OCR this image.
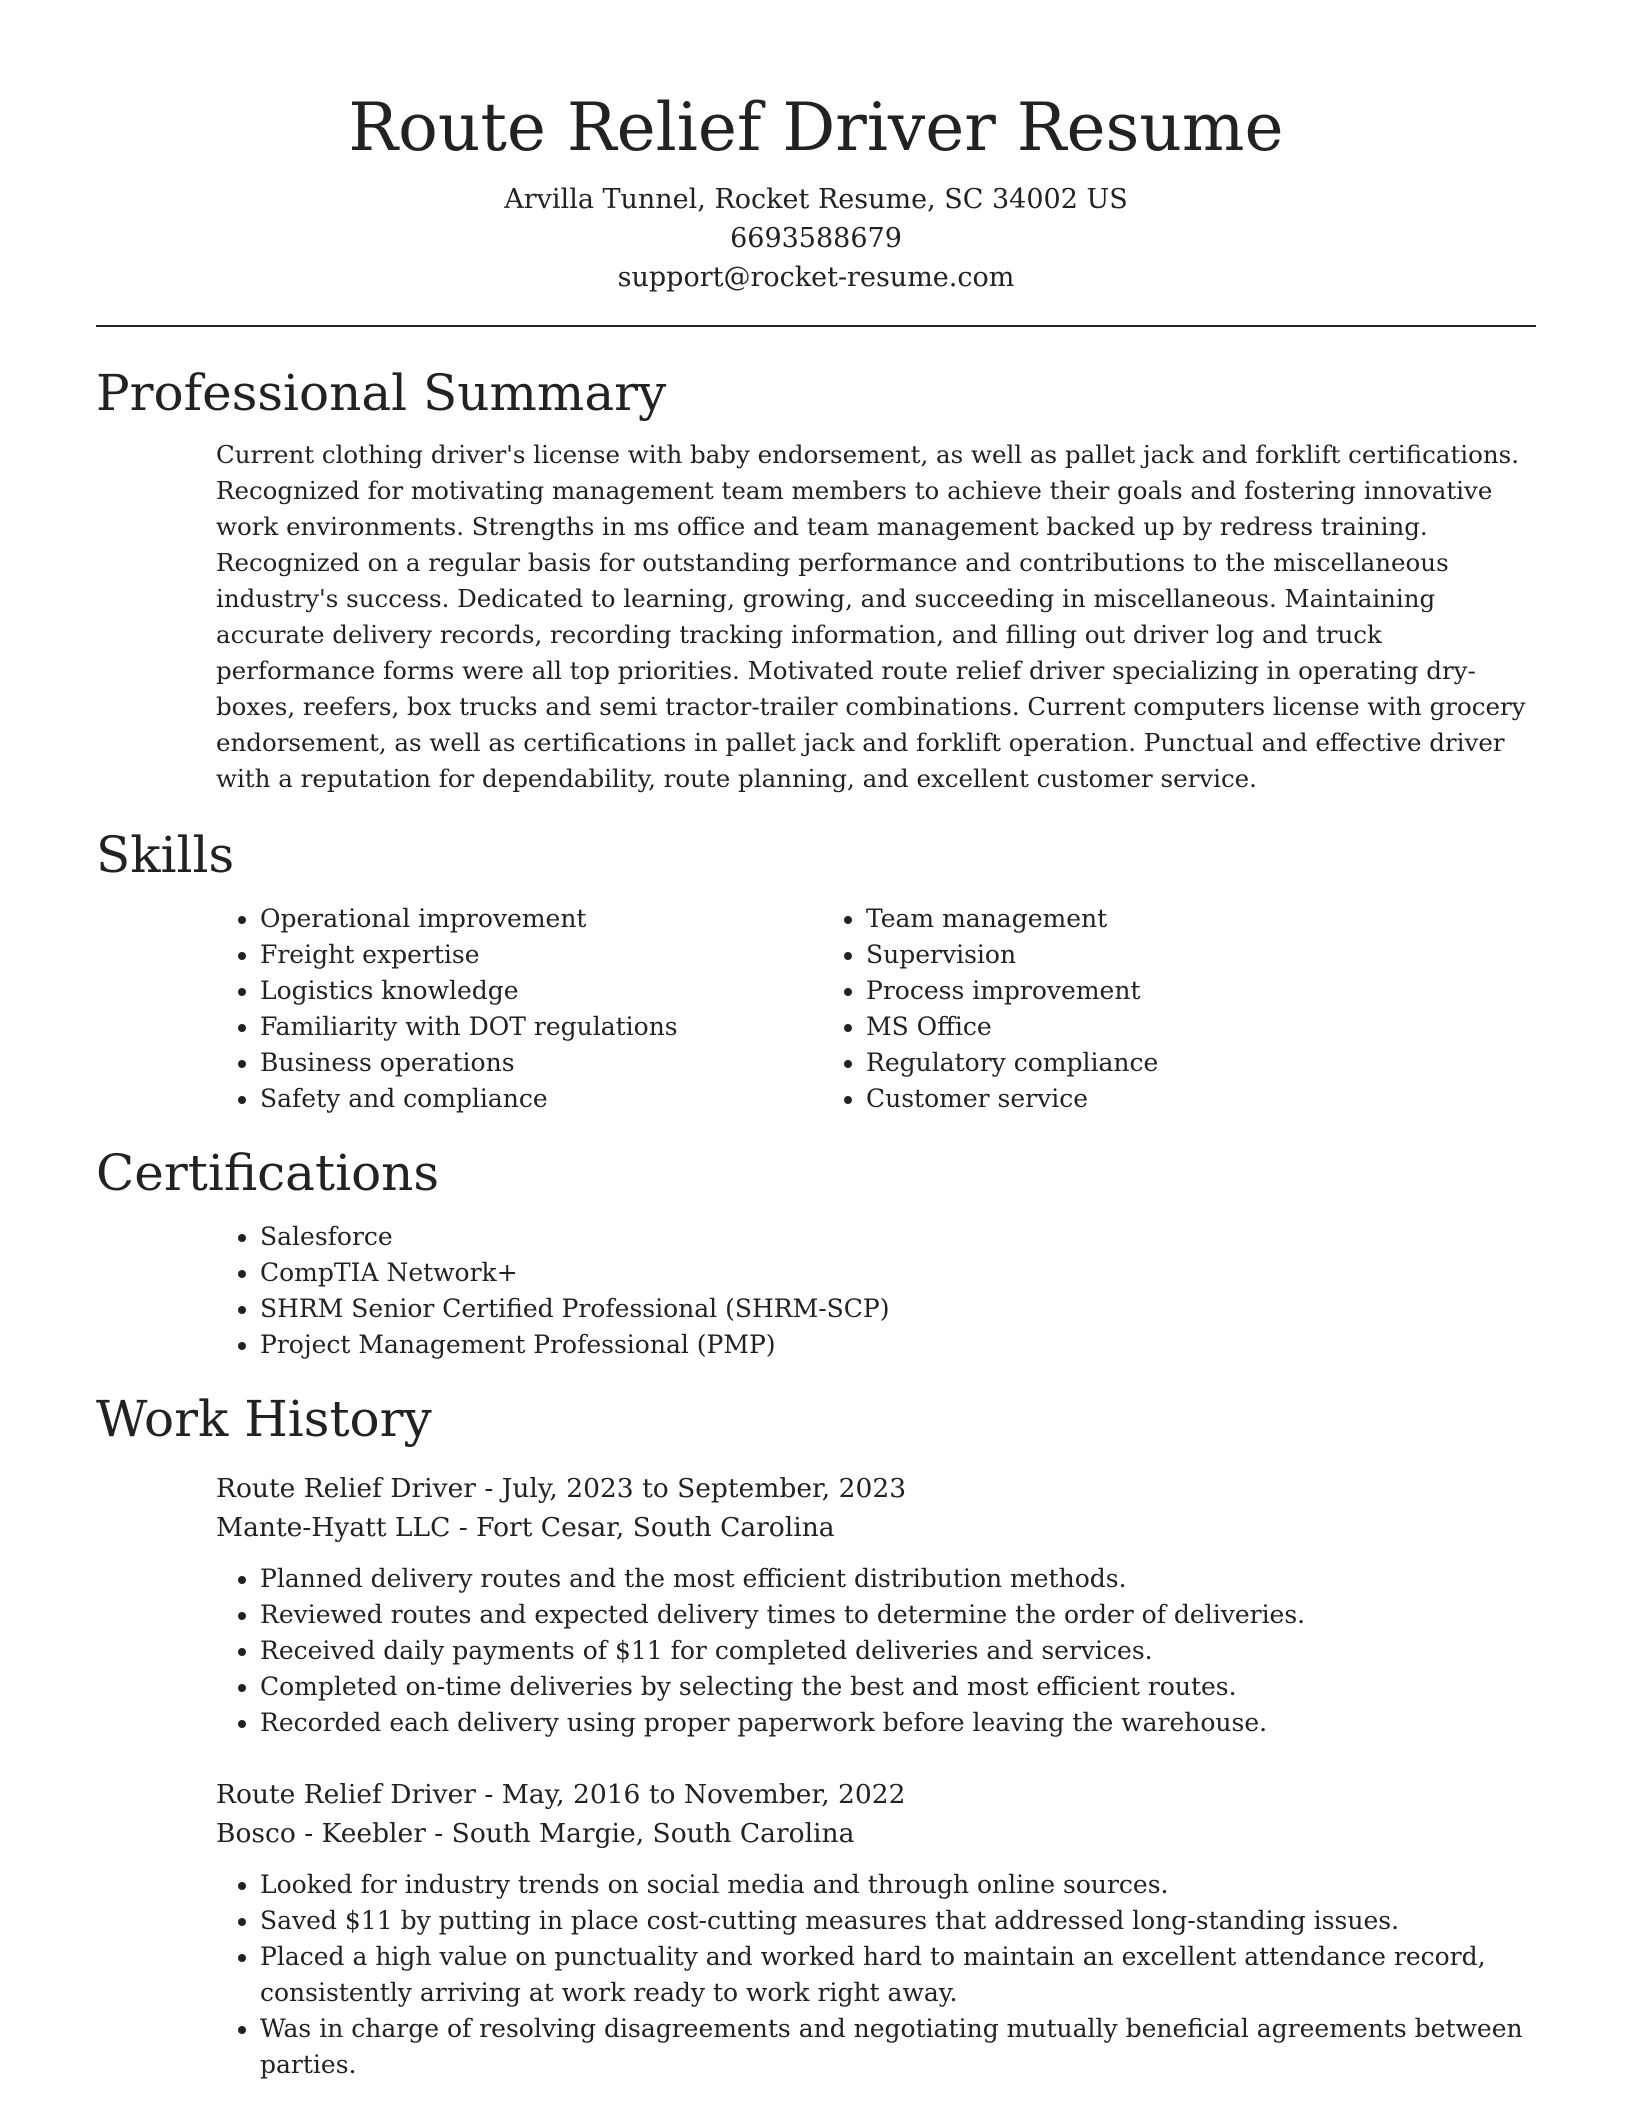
Route Relief Driver Resume
Arvilla Tunnel, Rocket Resume, SC 34002 US
6693588679
support@rocket-resume.com
Professional Summary

Current clothing driver's license with baby endorsement, as well as pallet jack and forklift certifications. Recognized for motivating management team members to achieve their goals and fostering innovative work environments. Strengths in ms office and team management backed up by redress training. Recognized on a regular basis for outstanding performance and contributions to the miscellaneous industry's success. Dedicated to learning, growing, and succeeding in miscellaneous. Maintaining accurate delivery records, recording tracking information, and filling out driver log and truck performance forms were all top priorities. Motivated route relief driver specializing in operating dry-boxes, reefers, box trucks and semi tractor-trailer combinations. Current computers license with grocery endorsement, as well as certifications in pallet jack and forklift operation. Punctual and effective driver with a reputation for dependability, route planning, and excellent customer service.

Skills
• Operational improvement
• Freight expertise
• Logistics knowledge
• Familiarity with DOT regulations
• Business operations
• Safety and compliance
• Team management
• Supervision
• Process improvement
• MS Office
• Regulatory compliance
• Customer service
Certifications
• Salesforce
• CompTIA Network+
• SHRM Senior Certified Professional (SHRM-SCP)
• Project Management Professional (PMP)
Work History
Route Relief Driver - July, 2023 to September, 2023
Mante-Hyatt LLC - Fort Cesar, South Carolina
• Planned delivery routes and the most efficient distribution methods.
• Reviewed routes and expected delivery times to determine the order of deliveries.
• Received daily payments of $11 for completed deliveries and services.
• Completed on-time deliveries by selecting the best and most efficient routes.
• Recorded each delivery using proper paperwork before leaving the warehouse.
Route Relief Driver - May, 2016 to November, 2022
Bosco - Keebler - South Margie, South Carolina
• Looked for industry trends on social media and through online sources.
• Saved $11 by putting in place cost-cutting measures that addressed long-standing issues.
• Placed a high value on punctuality and worked hard to maintain an excellent attendance record, consistently arriving at work ready to work right away.
• Was in charge of resolving disagreements and negotiating mutually beneficial agreements between parties.
